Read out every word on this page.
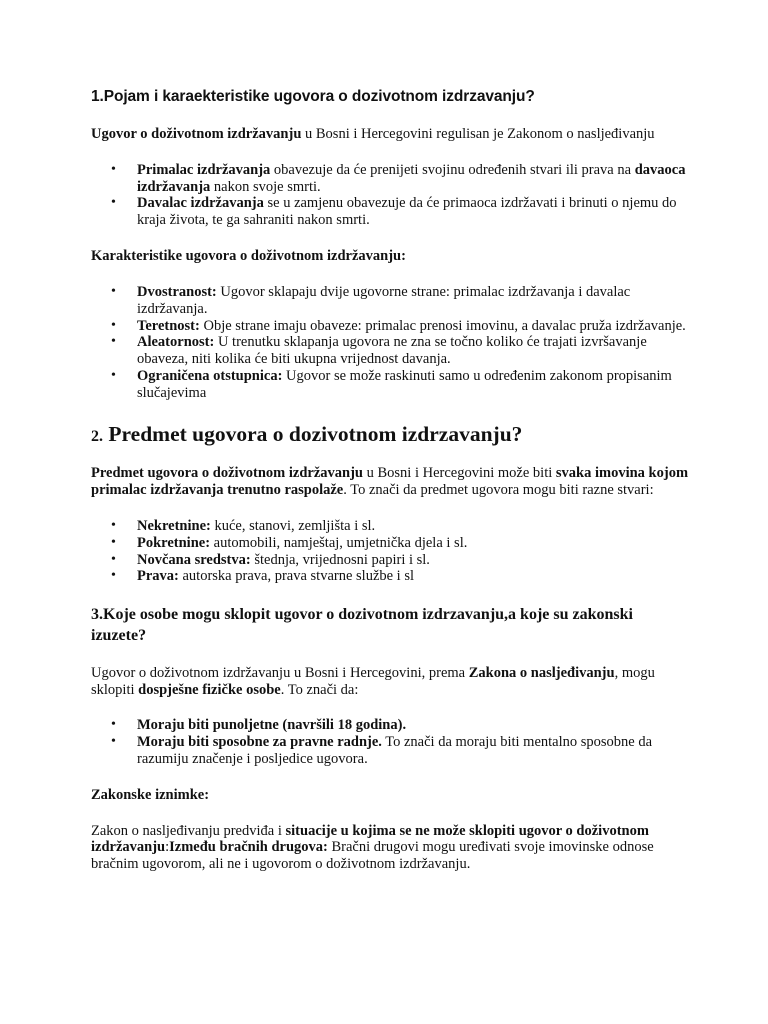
1.Pojam i karaekteristike ugovora o dozivotnom izdrzavanju?

Ugovor o doživotnom izdržavanju u Bosni i Hercegovini regulisan je Zakonom o nasljeđivanju

• Primalac izdržavanja obavezuje da će prenijeti svojinu određenih stvari ili prava na davaoca izdržavanja nakon svoje smrti.
• Davalac izdržavanja se u zamjenu obavezuje da će primaoca izdržavati i brinuti o njemu do kraja života, te ga sahraniti nakon smrti.

Karakteristike ugovora o doživotnom izdržavanju:

• Dvostranost: Ugovor sklapaju dvije ugovorne strane: primalac izdržavanja i davalac izdržavanja.
• Teretnost: Obje strane imaju obaveze: primalac prenosi imovinu, a davalac pruža izdržavanje.
• Aleatornost: U trenutku sklapanja ugovora ne zna se točno koliko će trajati izvršavanje obaveza, niti kolika će biti ukupna vrijednost davanja.
• Ograničena otstupnica: Ugovor se može raskinuti samo u određenim zakonom propisanim slučajevima
2. Predmet ugovora o dozivotnom izdrzavanju?

Predmet ugovora o doživotnom izdržavanju u Bosni i Hercegovini može biti svaka imovina kojom primalac izdržavanja trenutno raspolaže. To znači da predmet ugovora mogu biti razne stvari:

• Nekretnine: kuće, stanovi, zemljišta i sl.
• Pokretnine: automobili, namještaj, umjetnička djela i sl.
• Novčana sredstva: štednja, vrijednosni papiri i sl.
• Prava: autorska prava, prava stvarne službe i sl
3.Koje osobe mogu sklopit ugovor o dozivotnom izdrzavanju,a koje su zakonski izuzete?

Ugovor o doživotnom izdržavanju u Bosni i Hercegovini, prema Zakona o nasljeđivanju, mogu sklopiti dospješne fizičke osobe. To znači da:

• Moraju biti punoljetne (navršili 18 godina).
• Moraju biti sposobne za pravne radnje. To znači da moraju biti mentalno sposobne da razumiju značenje i posljedice ugovora.

Zakonske iznimke:

Zakon o nasljeđivanju predviđa i situacije u kojima se ne može sklopiti ugovor o doživotnom izdržavanju:Između bračnih drugova: Bračni drugovi mogu uređivati svoje imovinske odnose bračnim ugovorom, ali ne i ugovorom o doživotnom izdržavanju.
